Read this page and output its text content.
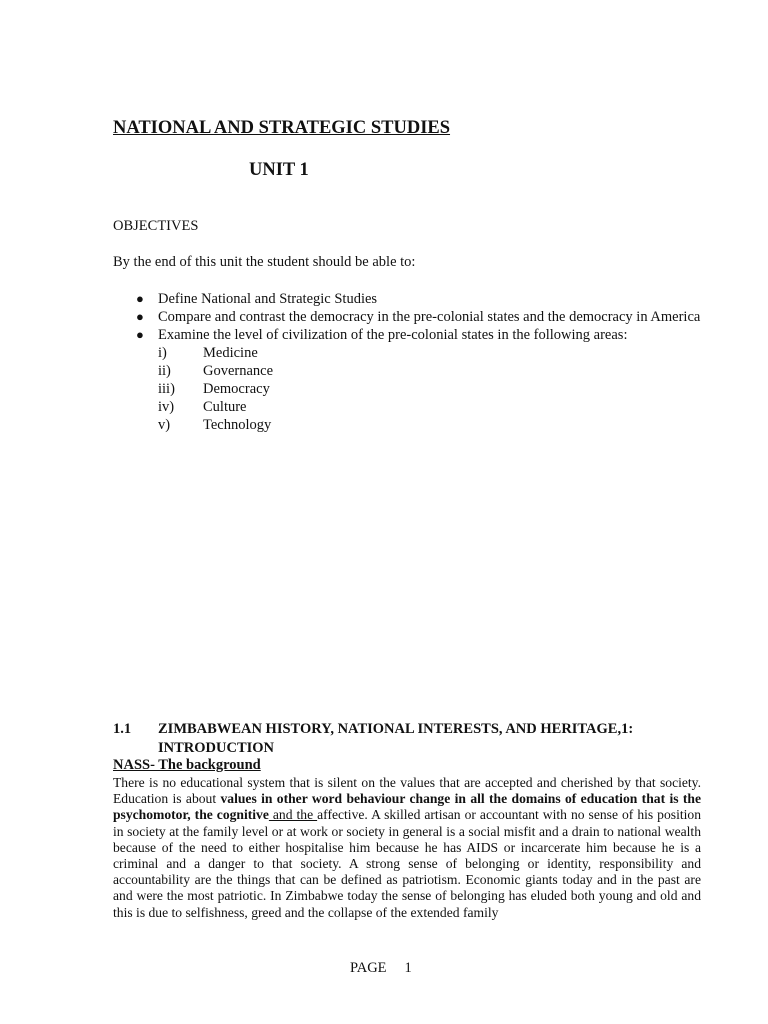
NATIONAL AND STRATEGIC STUDIES
UNIT 1
OBJECTIVES
By the end of this unit the student should be able to:
● Define National and Strategic Studies
● Compare and contrast the democracy in the pre-colonial states and the democracy in America
● Examine the level of civilization of the pre-colonial states in the following areas:
i) Medicine
ii) Governance
iii) Democracy
iv) Culture
v) Technology
1.1 ZIMBABWEAN HISTORY, NATIONAL INTERESTS, AND HERITAGE,1:
INTRODUCTION
NASS- The background

There is no educational system that is silent on the values that are accepted and cherished by that society. Education is about values in other word behaviour change in all the domains of education that is the psychomotor, the cognitive and the affective. A skilled artisan or accountant with no sense of his position in society at the family level or at work or society in general is a social misfit and a drain to national wealth because of the need to either hospitalise him because he has AIDS or incarcerate him because he is a criminal and a danger to that society. A strong sense of belonging or identity, responsibility and accountability are the things that can be defined as patriotism. Economic giants today and in the past are and were the most patriotic. In Zimbabwe today the sense of belonging has eluded both young and old and this is due to selfishness, greed and the collapse of the extended family

PAGE 1
